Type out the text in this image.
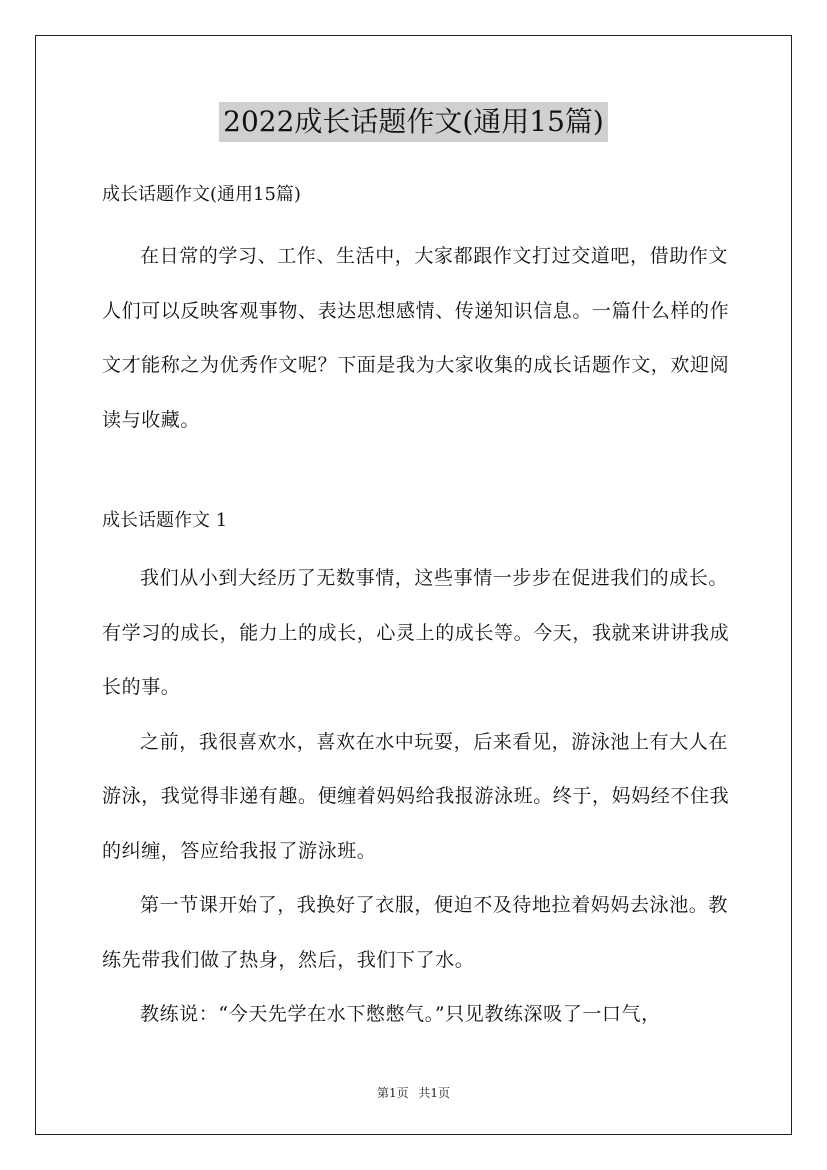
2022成长话题作文(通用15篇)
成长话题作文(通用15篇)

在日常的学习、工作、生活中，大家都跟作文打过交道吧，借助作文人们可以反映客观事物、表达思想感情、传递知识信息。一篇什么样的作文才能称之为优秀作文呢？下面是我为大家收集的成长话题作文，欢迎阅读与收藏。

成长话题作文 1

我们从小到大经历了无数事情，这些事情一步步在促进我们的成长。有学习的成长，能力上的成长，心灵上的成长等。今天，我就来讲讲我成长的事。

之前，我很喜欢水，喜欢在水中玩耍，后来看见，游泳池上有大人在游泳，我觉得非递有趣。便缠着妈妈给我报游泳班。终于，妈妈经不住我的纠缠，答应给我报了游泳班。

第一节课开始了，我换好了衣服，便迫不及待地拉着妈妈去泳池。教练先带我们做了热身，然后，我们下了水。

教练说：“今天先学在水下憋憋气。”只见教练深吸了一口气，

第1页 共1页
